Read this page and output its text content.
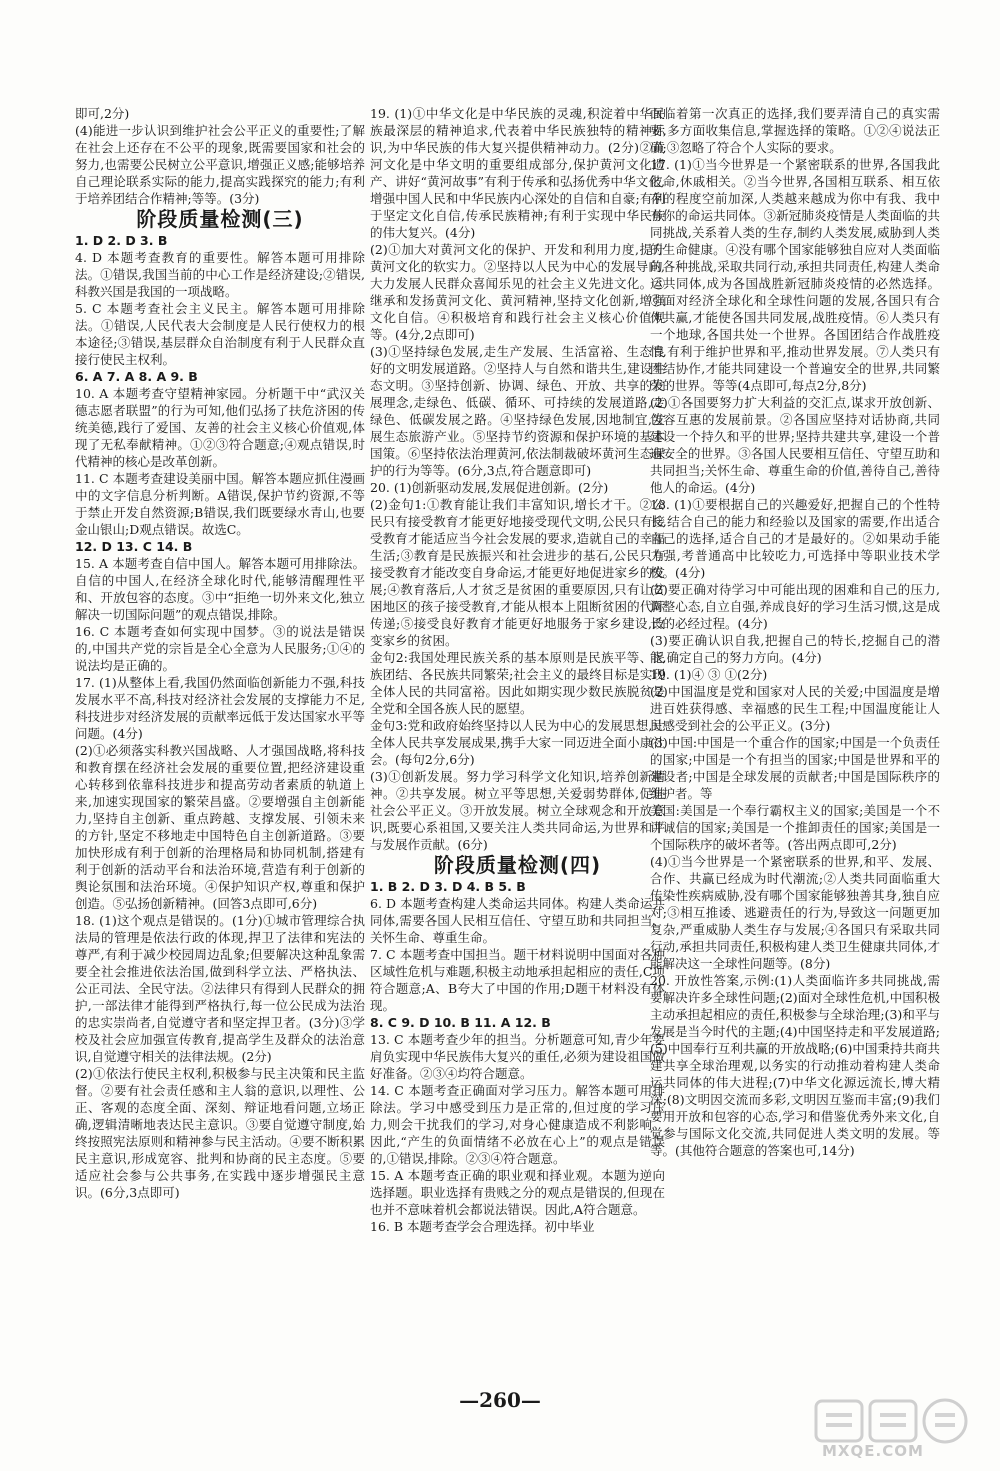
即可,2分)

(4)能进一步认识到维护社会公平正义的重要性;了解在社会上还存在不公平的现象,既需要国家和社会的努力,也需要公民树立公平意识,增强正义感;能够培养自己理论联系实际的能力,提高实践探究的能力;有利于培养团结合作精神;等等。(3分)

阶段质量检测(三)

1. D 2. D 3. B

4. D 本题考查教育的重要性。解答本题可用排除法。①错误,我国当前的中心工作是经济建设;②错误,科教兴国是我国的一项战略。

5. C 本题考查社会主义民主。解答本题可用排除法。①错误,人民代表大会制度是人民行使权力的根本途径;③错误,基层群众自治制度有利于人民群众直接行使民主权利。

6. A 7. A 8. A 9. B

10. A 本题考查守望精神家园。分析题干中“武汉关德志愿者联盟”的行为可知,他们弘扬了扶危济困的传统美德,践行了爱国、友善的社会主义核心价值观,体现了无私奉献精神。①②③符合题意;④观点错误,时代精神的核心是改革创新。

11. C 本题考查建设美丽中国。解答本题应抓住漫画中的文字信息分析判断。A错误,保护节约资源,不等于禁止开发自然资源;B错误,我们既要绿水青山,也要金山银山;D观点错误。故选C。

12. D 13. C 14. B

15. A 本题考查自信中国人。解答本题可用排除法。自信的中国人,在经济全球化时代,能够清醒理性平和、开放包容的态度。③中“拒绝一切外来文化,独立解决一切国际问题”的观点错误,排除。

16. C 本题考查如何实现中国梦。③的说法是错误的,中国共产党的宗旨是全心全意为人民服务;①④的说法均是正确的。

17. (1)从整体上看,我国仍然面临创新能力不强,科技发展水平不高,科技对经济社会发展的支撑能力不足,科技进步对经济发展的贡献率远低于发达国家水平等问题。(4分)

(2)①必须落实科教兴国战略、人才强国战略,将科技和教育摆在经济社会发展的重要位置,把经济建设重心转移到依靠科技进步和提高劳动者素质的轨道上来,加速实现国家的繁荣昌盛。②要增强自主创新能力,坚持自主创新、重点跨越、支撑发展、引领未来的方针,坚定不移地走中国特色自主创新道路。③要加快形成有利于创新的治理格局和协同机制,搭建有利于创新的活动平台和法治环境,营造有利于创新的舆论氛围和法治环境。④保护知识产权,尊重和保护创造。⑤弘扬创新精神。(回答3点即可,6分)

18. (1)这个观点是错误的。(1分)①城市管理综合执法局的管理是依法行政的体现,捍卫了法律和宪法的尊严,有利于减少校园周边乱象;但要解决这种乱象需要全社会推进依法治国,做到科学立法、严格执法、公正司法、全民守法。②法律只有得到人民群众的拥护,一部法律才能得到严格执行,每一位公民成为法治的忠实崇尚者,自觉遵守者和坚定捍卫者。(3分)③学校及社会应加强宣传教育,提高学生及群众的法治意识,自觉遵守相关的法律法规。(2分)

(2)①依法行使民主权利,积极参与民主决策和民主监督。②要有社会责任感和主人翁的意识,以理性、公正、客观的态度全面、深刻、辩证地看问题,立场正确,逻辑清晰地表达民主意识。③要自觉遵守制度,始终按照宪法原则和精神参与民主活动。④要不断积累民主意识,形成宽容、批判和协商的民主态度。⑤要适应社会参与公共事务,在实践中逐步增强民主意识。(6分,3点即可)

19. (1)①中华文化是中华民族的灵魂,积淀着中华民族最深层的精神追求,代表着中华民族独特的精神标识,为中华民族的伟大复兴提供精神动力。(2分)②黄河文化是中华文明的重要组成部分,保护黄河文化遗产、讲好“黄河故事”有利于传承和弘扬优秀中华文化,增强中国人民和中华民族内心深处的自信和自豪;有利于坚定文化自信,传承民族精神;有利于实现中华民族的伟大复兴。(4分)

(2)①加大对黄河文化的保护、开发和利用力度,提升黄河文化的软实力。②坚持以人民为中心的发展导向,大力发展人民群众喜闻乐见的社会主义先进文化。③继承和发扬黄河文化、黄河精神,坚持文化创新,增强文化自信。④积极培育和践行社会主义核心价值观等。(4分,2点即可)

(3)①坚持绿色发展,走生产发展、生活富裕、生态良好的文明发展道路。②坚持人与自然和谐共生,建设生态文明。③坚持创新、协调、绿色、开放、共享的发展理念,走绿色、低碳、循环、可持续的发展道路,走绿色、低碳发展之路。④坚持绿色发展,因地制宜,发展生态旅游产业。⑤坚持节约资源和保护环境的基本国策。⑥坚持依法治理黄河,依法制裁破坏黄河生态保护的行为等等。(6分,3点,符合题意即可)

20. (1)创新驱动发展,发展促进创新。(2分)

(2)金句1:①教育能让我们丰富知识,增长才干。②公民只有接受教育才能更好地接受现代文明,公民只有接受教育才能适应当今社会发展的要求,造就自己的幸福生活;③教育是民族振兴和社会进步的基石,公民只有接受教育才能改变自身命运,才能更好地促进家乡的发展;④教育落后,人才贫乏是贫困的重要原因,只有让贫困地区的孩子接受教育,才能从根本上阻断贫困的代际传递;⑤接受良好教育才能更好地服务于家乡建设,改变家乡的贫困。

金句2:我国处理民族关系的基本原则是民族平等、民族团结、各民族共同繁荣;社会主义的最终目标是实现全体人民的共同富裕。因此如期实现少数民族脱贫是全党和全国各族人民的愿望。

金句3:党和政府始终坚持以人民为中心的发展思想,让全体人民共享发展成果,携手大家一同迈进全面小康社会。(每句2分,6分)

(3)①创新发展。努力学习科学文化知识,培养创新精神。②共享发展。树立平等思想,关爱弱势群体,促进社会公平正义。③开放发展。树立全球观念和开放意识,既要心系祖国,又要关注人类共同命运,为世界和平与发展作贡献。(6分)

阶段质量检测(四)

1. B 2. D 3. D 4. B 5. B

6. D 本题考查构建人类命运共同体。构建人类命运共同体,需要各国人民相互信任、守望互助和共同担当、关怀生命、尊重生命。

7. C 本题考查中国担当。题干材料说明中国面对各种区域性危机与难题,积极主动地承担起相应的责任,C项符合题意;A、B夸大了中国的作用;D题干材料没有体现。

8. C 9. D 10. B 11. A 12. B

13. C 本题考查少年的担当。分析题意可知,青少年要肩负实现中华民族伟大复兴的重任,必须为建设祖国做好准备。②③④均符合题意。

14. C 本题考查正确面对学习压力。解答本题可用排除法。学习中感受到压力是正常的,但过度的学习压力,则会干扰我们的学习,对身心健康造成不利影响。因此,“产生的负面情绪不必放在心上”的观点是错误的,①错误,排除。②③④符合题意。

15. A 本题考查正确的职业观和择业观。本题为逆向选择题。职业选择有贵贱之分的观点是错误的,但现在也并不意味着机会都说法错误。因此,A符合题意。

16. B 本题考查学会合理选择。初中毕业

面临着第一次真正的选择,我们要弄清自己的真实需要,多方面收集信息,掌握选择的策略。①②④说法正确;③忽略了符合个人实际的要求。

17. (1)①当今世界是一个紧密联系的世界,各国我此彼命,休戚相关。②当今世界,各国相互联系、相互依存的程度空前加深,人类越来越成为你中有我、我中有你的命运共同体。③新冠肺炎疫情是人类面临的共同挑战,关系着人类的生存,制约人类发展,威胁到人类的生命健康。④没有哪个国家能够独自应对人类面临的各种挑战,采取共同行动,承担共同责任,构建人类命运共同体,成为各国战胜新冠肺炎疫情的必然选择。⑤面对经济全球化和全球性问题的发展,各国只有合作共赢,才能使各国共同发展,战胜疫情。⑥人类只有一个地球,各国共处一个世界。各国团结合作战胜疫情,有利于维护世界和平,推动世界发展。⑦人类只有团结协作,才能共同建设一个普遍安全的世界,共同繁荣的世界。等等(4点即可,每点2分,8分)

(2)①各国要努力扩大利益的交汇点,谋求开放创新、包容互惠的发展前景。②各国应坚持对话协商,共同建设一个持久和平的世界;坚持共建共享,建设一个普遍安全的世界。③各国人民要相互信任、守望互助和共同担当;关怀生命、尊重生命的价值,善待自己,善待他人的命运。(4分)

18. (1)①要根据自己的兴趣爱好,把握自己的个性特长,结合自己的能力和经验以及国家的需要,作出适合自己的选择,适合自己的才是最好的。②如果动手能力强,考普通高中比较吃力,可选择中等职业技术学校。(4分)

(2)要正确对待学习中可能出现的困难和自己的压力,调整心态,自立自强,养成良好的学习生活习惯,这是成长的必经过程。(4分)

(3)要正确认识自我,把握自己的特长,挖掘自己的潜能,确定自己的努力方向。(4分)

19. (1)④ ③ ①(2分)

(2)中国温度是党和国家对人民的关爱;中国温度是增进百姓获得感、幸福感的民生工程;中国温度能让人民感受到社会的公平正义。(3分)

(3)中国:中国是一个重合作的国家;中国是一个负责任的国家;中国是一个有担当的国家;中国是世界和平的建设者;中国是全球发展的贡献者;中国是国际秩序的维护者。等

美国:美国是一个奉行霸权主义的国家;美国是一个不讲诚信的国家;美国是一个推卸责任的国家;美国是一个国际秩序的破坏者等。(答出两点即可,2分)

(4)①当今世界是一个紧密联系的世界,和平、发展、合作、共赢已经成为时代潮流;②人类共同面临重大传染性疾病威胁,没有哪个国家能够独善其身,独自应对;③相互推诿、逃避责任的行为,导致这一问题更加复杂,严重威胁人类生存与发展;④各国只有采取共同行动,承担共同责任,积极构建人类卫生健康共同体,才能解决这一全球性问题等。(8分)

20. 开放性答案,示例:(1)人类面临许多共同挑战,需要解决许多全球性问题;(2)面对全球性危机,中国积极主动承担起相应的责任,积极参与全球治理;(3)和平与发展是当今时代的主题;(4)中国坚持走和平发展道路;(5)中国奉行互利共赢的开放战略;(6)中国秉持共商共建共享全球治理观,以务实的行动推动着构建人类命运共同体的伟大进程;(7)中华文化源远流长,博大精深;(8)文明因交流而多彩,文明因互鉴而丰富;(9)我们要用开放和包容的心态,学习和借鉴优秀外来文化,自觉参与国际文化交流,共同促进人类文明的发展。等等。(其他符合题意的答案也可,14分)

—260—
MXQE.COM
